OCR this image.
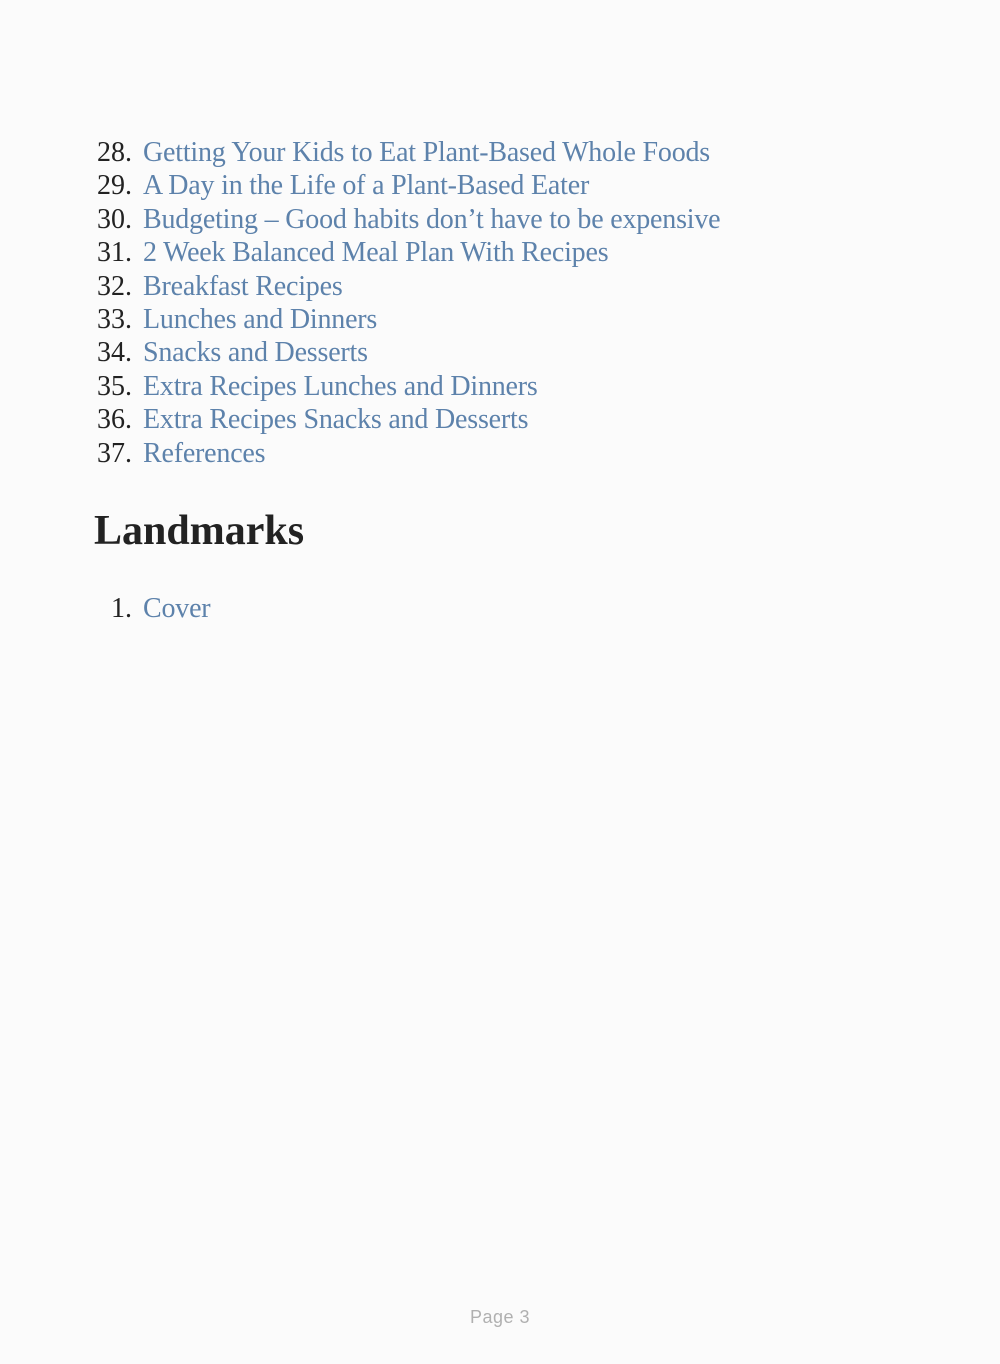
28. Getting Your Kids to Eat Plant-Based Whole Foods
29. A Day in the Life of a Plant-Based Eater
30. Budgeting – Good habits don’t have to be expensive
31. 2 Week Balanced Meal Plan With Recipes
32. Breakfast Recipes
33. Lunches and Dinners
34. Snacks and Desserts
35. Extra Recipes Lunches and Dinners
36. Extra Recipes Snacks and Desserts
37. References
Landmarks
1. Cover
Page 3
